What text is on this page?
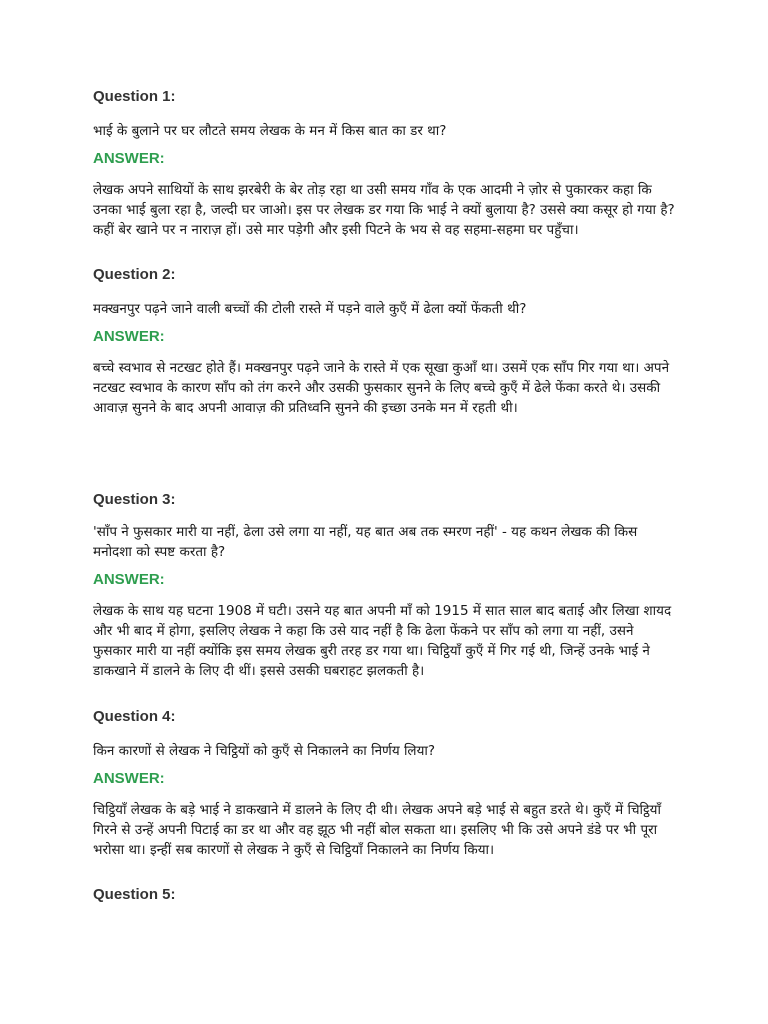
Question 1:

भाई के बुलाने पर घर लौटते समय लेखक के मन में किस बात का डर था?

ANSWER:

लेखक अपने साथियों के साथ झरबेरी के बेर तोड़ रहा था उसी समय गाँव के एक आदमी ने ज़ोर से पुकारकर कहा कि उनका भाई बुला रहा है, जल्दी घर जाओ। इस पर लेखक डर गया कि भाई ने क्यों बुलाया है? उससे क्या कसूर हो गया है? कहीं बेर खाने पर न नाराज़ हों। उसे मार पड़ेगी और इसी पिटने के भय से वह सहमा-सहमा घर पहुँचा।

Question 2:

मक्खनपुर पढ़ने जाने वाली बच्चों की टोली रास्ते में पड़ने वाले कुएँ में ढेला क्यों फेंकती थी?

ANSWER:

बच्चे स्वभाव से नटखट होते हैं। मक्खनपुर पढ़ने जाने के रास्ते में एक सूखा कुआँ था। उसमें एक साँप गिर गया था। अपने नटखट स्वभाव के कारण साँप को तंग करने और उसकी फुसकार सुनने के लिए बच्चे कुएँ में ढेले फेंका करते थे। उसकी आवाज़ सुनने के बाद अपनी आवाज़ की प्रतिध्वनि सुनने की इच्छा उनके मन में रहती थी।

Question 3:

'साँप ने फुसकार मारी या नहीं, ढेला उसे लगा या नहीं, यह बात अब तक स्मरण नहीं' - यह कथन लेखक की किस मनोदशा को स्पष्ट करता है?

ANSWER:

लेखक के साथ यह घटना 1908 में घटी। उसने यह बात अपनी माँ को 1915 में सात साल बाद बताई और लिखा शायद और भी बाद में होगा, इसलिए लेखक ने कहा कि उसे याद नहीं है कि ढेला फेंकने पर साँप को लगा या नहीं, उसने फुसकार मारी या नहीं क्योंकि इस समय लेखक बुरी तरह डर गया था। चिट्ठियाँ कुएँ में गिर गई थी, जिन्हें उनके भाई ने डाकखाने में डालने के लिए दी थीं। इससे उसकी घबराहट झलकती है।

Question 4:

किन कारणों से लेखक ने चिट्ठियों को कुएँ से निकालने का निर्णय लिया?

ANSWER:

चिट्ठियाँ लेखक के बड़े भाई ने डाकखाने में डालने के लिए दी थी। लेखक अपने बड़े भाई से बहुत डरते थे। कुएँ में चिट्ठियाँ गिरने से उन्हें अपनी पिटाई का डर था और वह झूठ भी नहीं बोल सकता था। इसलिए भी कि उसे अपने डंडे पर भी पूरा भरोसा था। इन्हीं सब कारणों से लेखक ने कुएँ से चिट्ठियाँ निकालने का निर्णय किया।

Question 5:
